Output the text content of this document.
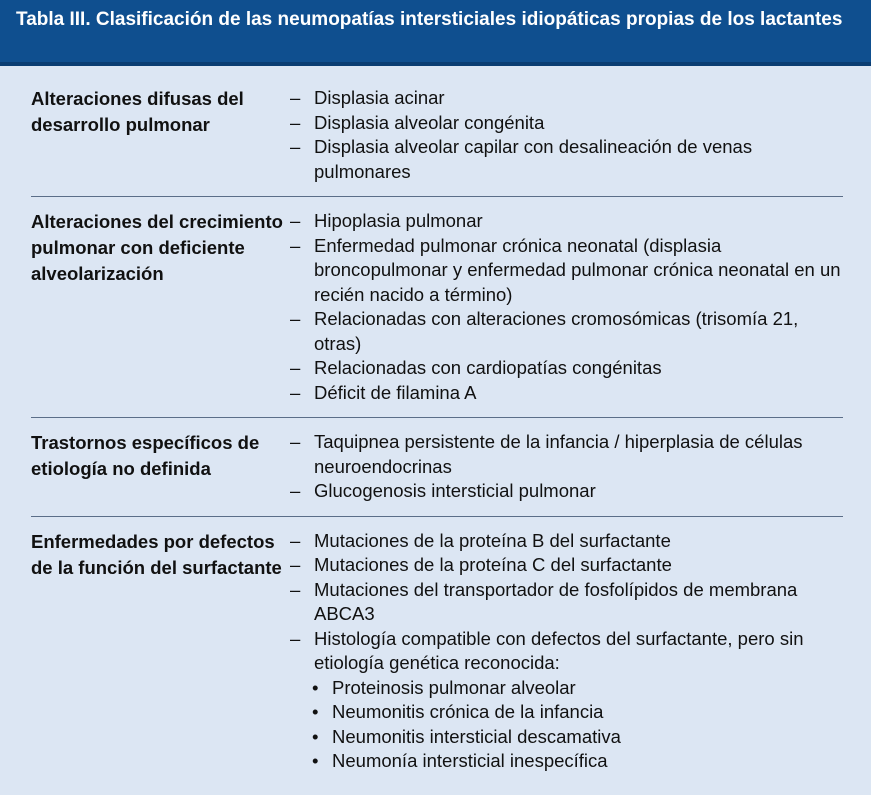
Tabla III. Clasificación de las neumopatías intersticiales idiopáticas propias de los lactantes
Alteraciones difusas del desarrollo pulmonar
– Displasia acinar
– Displasia alveolar congénita
– Displasia alveolar capilar con desalineación de venas pulmonares
Alteraciones del crecimiento pulmonar con deficiente alveolarización
– Hipoplasia pulmonar
– Enfermedad pulmonar crónica neonatal (displasia broncopulmonar y enfermedad pulmonar crónica neonatal en un recién nacido a término)
– Relacionadas con alteraciones cromosómicas (trisomía 21, otras)
– Relacionadas con cardiopatías congénitas
– Déficit de filamina A
Trastornos específicos de etiología no definida
– Taquipnea persistente de la infancia / hiperplasia de células neuroendocrinas
– Glucogenosis intersticial pulmonar
Enfermedades por defectos de la función del surfactante
– Mutaciones de la proteína B del surfactante
– Mutaciones de la proteína C del surfactante
– Mutaciones del transportador de fosfolípidos de membrana ABCA3
– Histología compatible con defectos del surfactante, pero sin etiología genética reconocida:
• Proteinosis pulmonar alveolar
• Neumonitis crónica de la infancia
• Neumonitis intersticial descamativa
• Neumonía intersticial inespecífica
